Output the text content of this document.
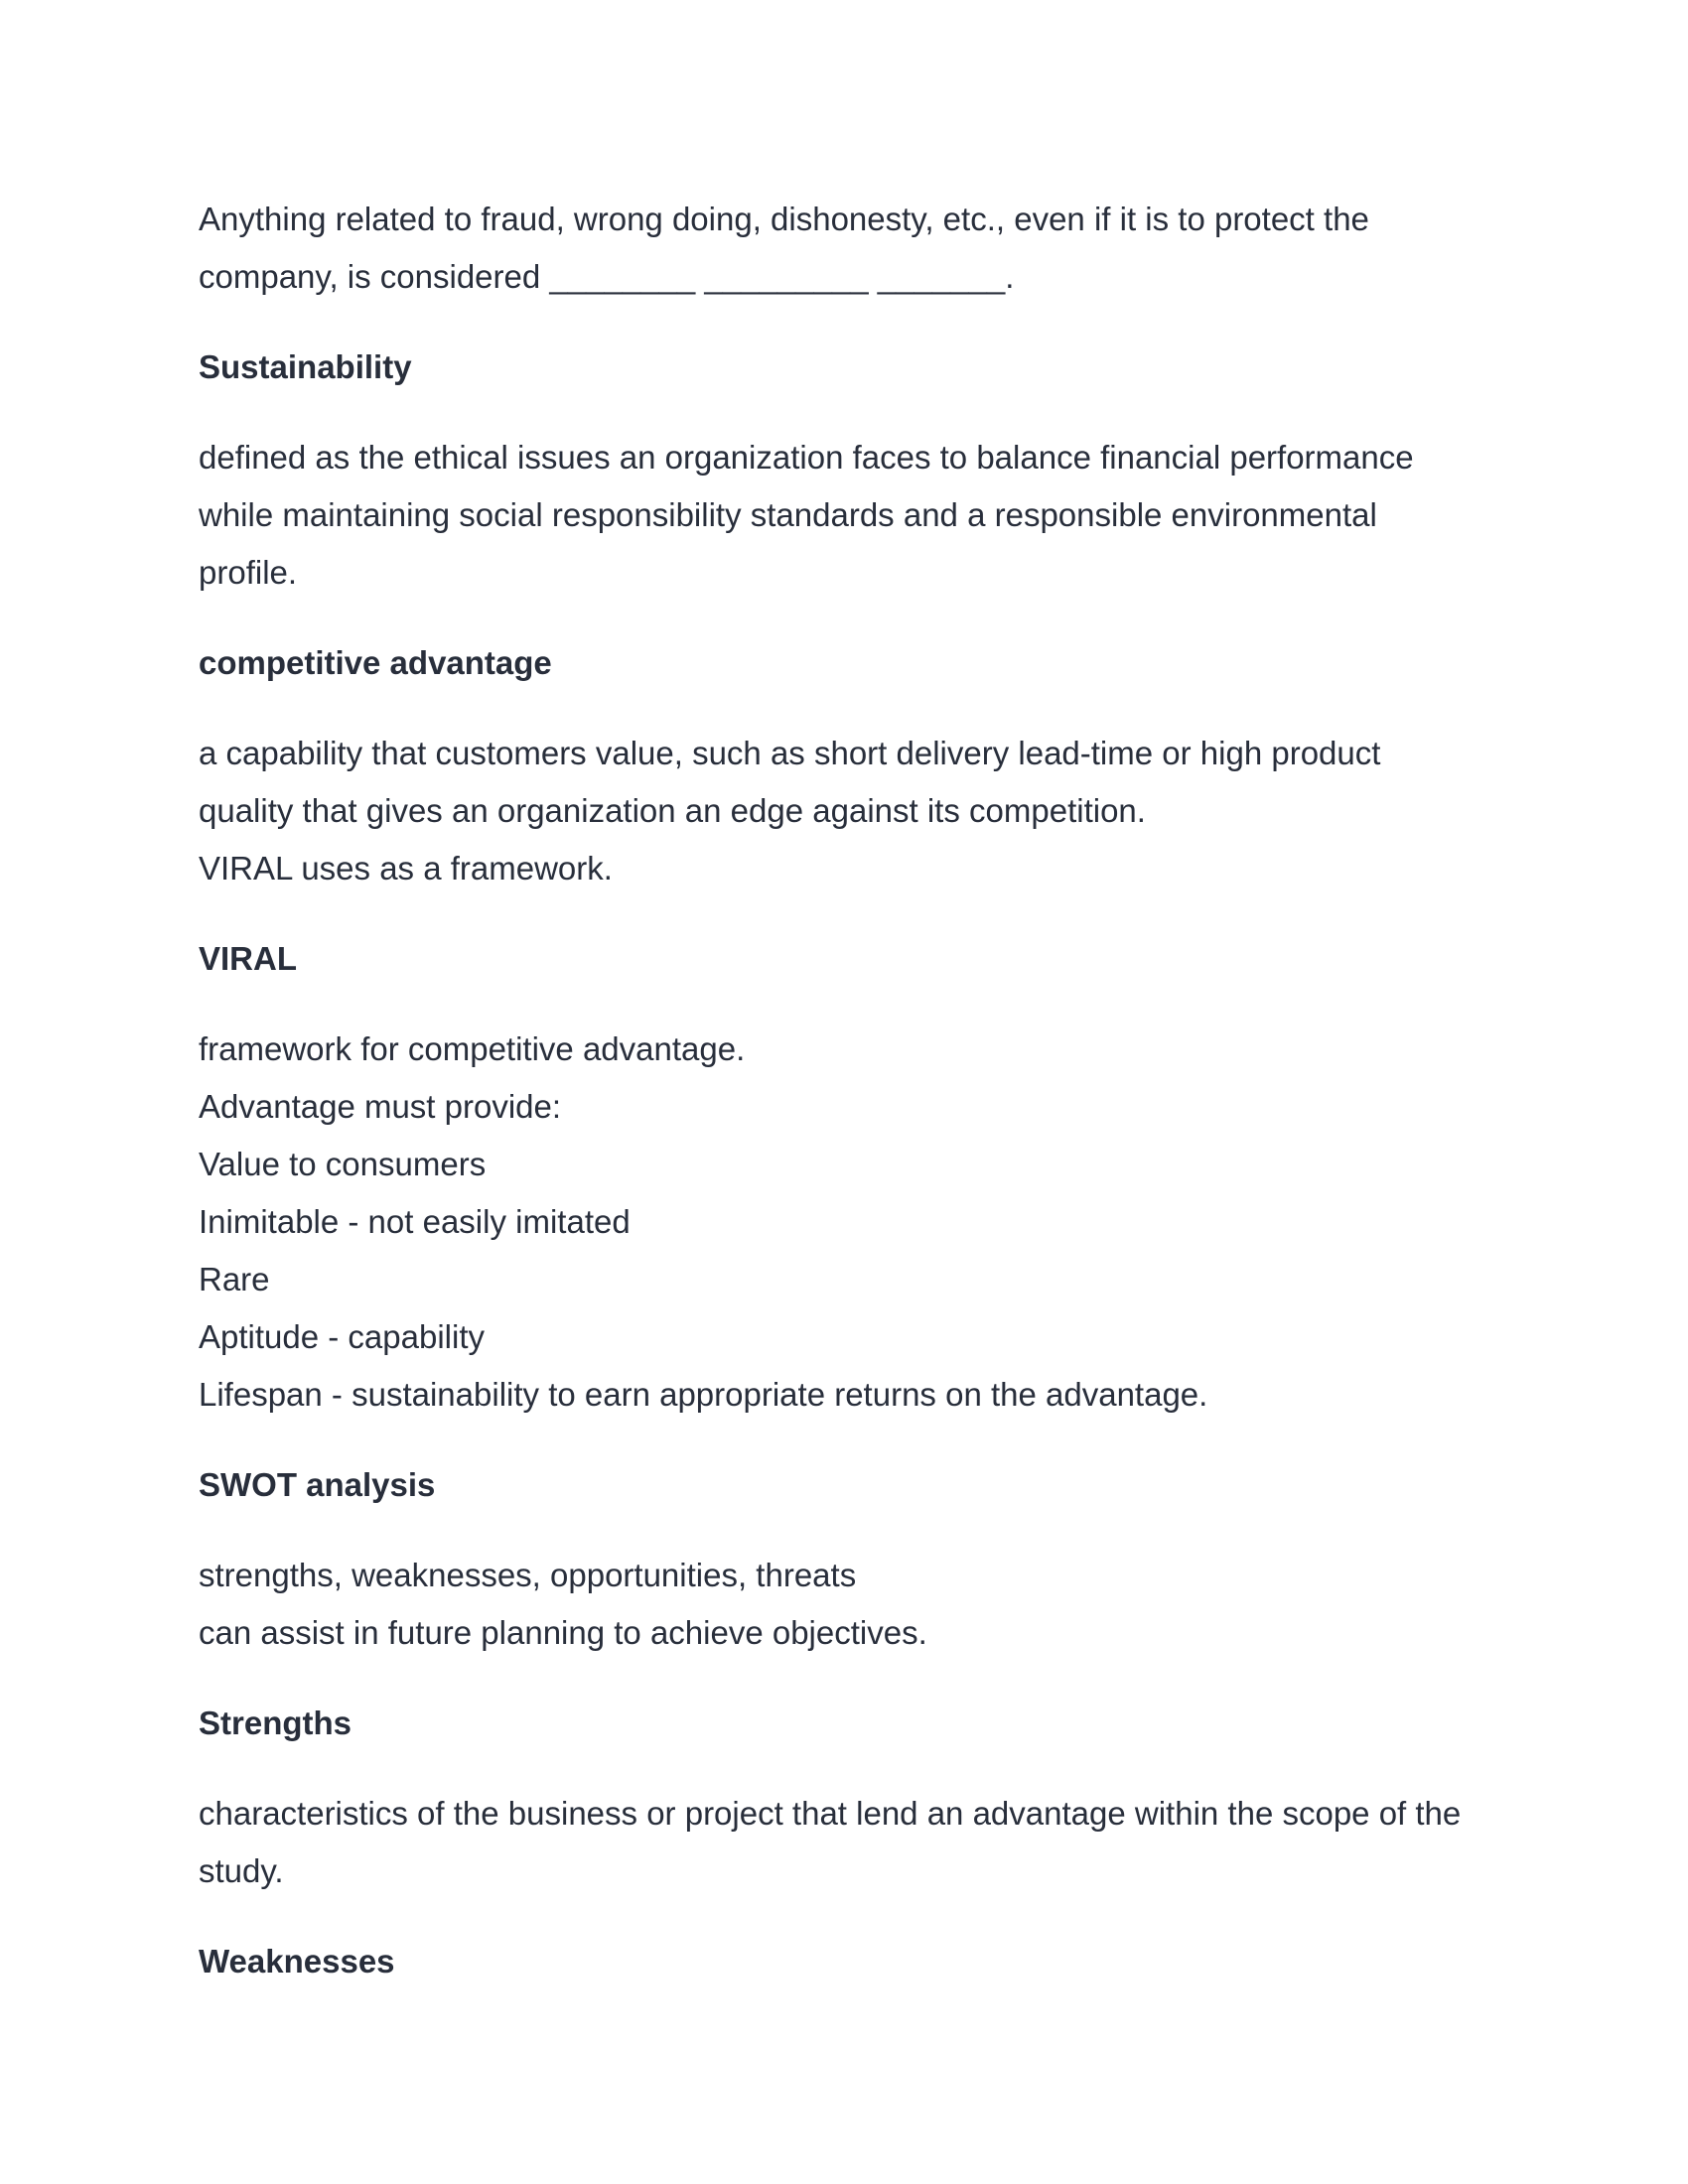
Anything related to fraud, wrong doing, dishonesty, etc., even if it is to protect the

company, is considered ________ _________ _______.

Sustainability

defined as the ethical issues an organization faces to balance financial performance

while maintaining social responsibility standards and a responsible environmental

profile.

competitive advantage

a capability that customers value, such as short delivery lead-time or high product

quality that gives an organization an edge against its competition.

VIRAL uses as a framework.

VIRAL

framework for competitive advantage.

Advantage must provide:

Value to consumers

Inimitable - not easily imitated

Rare

Aptitude - capability

Lifespan - sustainability to earn appropriate returns on the advantage.

SWOT analysis

strengths, weaknesses, opportunities, threats

can assist in future planning to achieve objectives.

Strengths

characteristics of the business or project that lend an advantage within the scope of the

study.

Weaknesses
